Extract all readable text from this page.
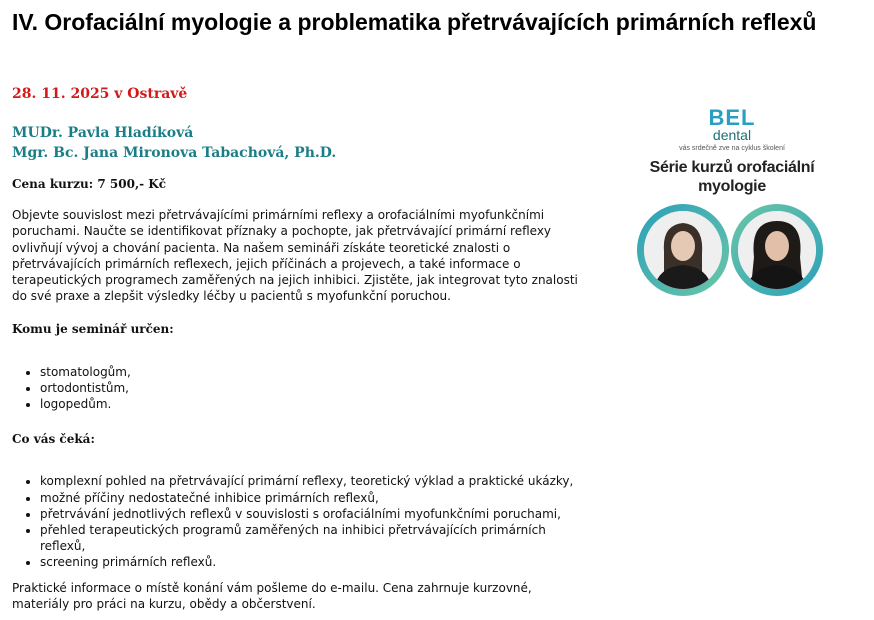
IV. Orofaciální myologie a problematika přetrvávajících primárních reflexů
28. 11. 2025 v Ostravě
MUDr. Pavla Hladíková
Mgr. Bc. Jana Mironova Tabachová, Ph.D.

Cena kurzu: 7 500,- Kč

Objevte souvislost mezi přetrvávajícími primárními reflexy a orofaciálními myofunkčními poruchami. Naučte se identifikovat příznaky a pochopte, jak přetrvávající primární reflexy ovlivňují vývoj a chování pacienta. Na našem semináři získáte teoretické znalosti o přetrvávajících primárních reflexech, jejich příčinách a projevech, a také informace o terapeutických programech zaměřených na jejich inhibici. Zjistěte, jak integrovat tyto znalosti do své praxe a zlepšit výsledky léčby u pacientů s myofunkční poruchou.

Komu je seminář určen:

• stomatologům,
• ortodontistům,
• logopedům.

Co vás čeká:

• komplexní pohled na přetrvávající primární reflexy, teoretický výklad a praktické ukázky,
• možné příčiny nedostatečné inhibice primárních reflexů,
• přetrvávání jednotlivých reflexů v souvislosti s orofaciálními myofunkčními poruchami,
• přehled terapeutických programů zaměřených na inhibici přetrvávajících primárních reflexů,
• screening primárních reflexů.

Praktické informace o místě konání vám pošleme do e-mailu. Cena zahrnuje kurzovné, materiály pro práci na kurzu, obědy a občerstvení.

BEL
dental
vás srdečně zve na cyklus školení
Série kurzů orofaciální myologie
